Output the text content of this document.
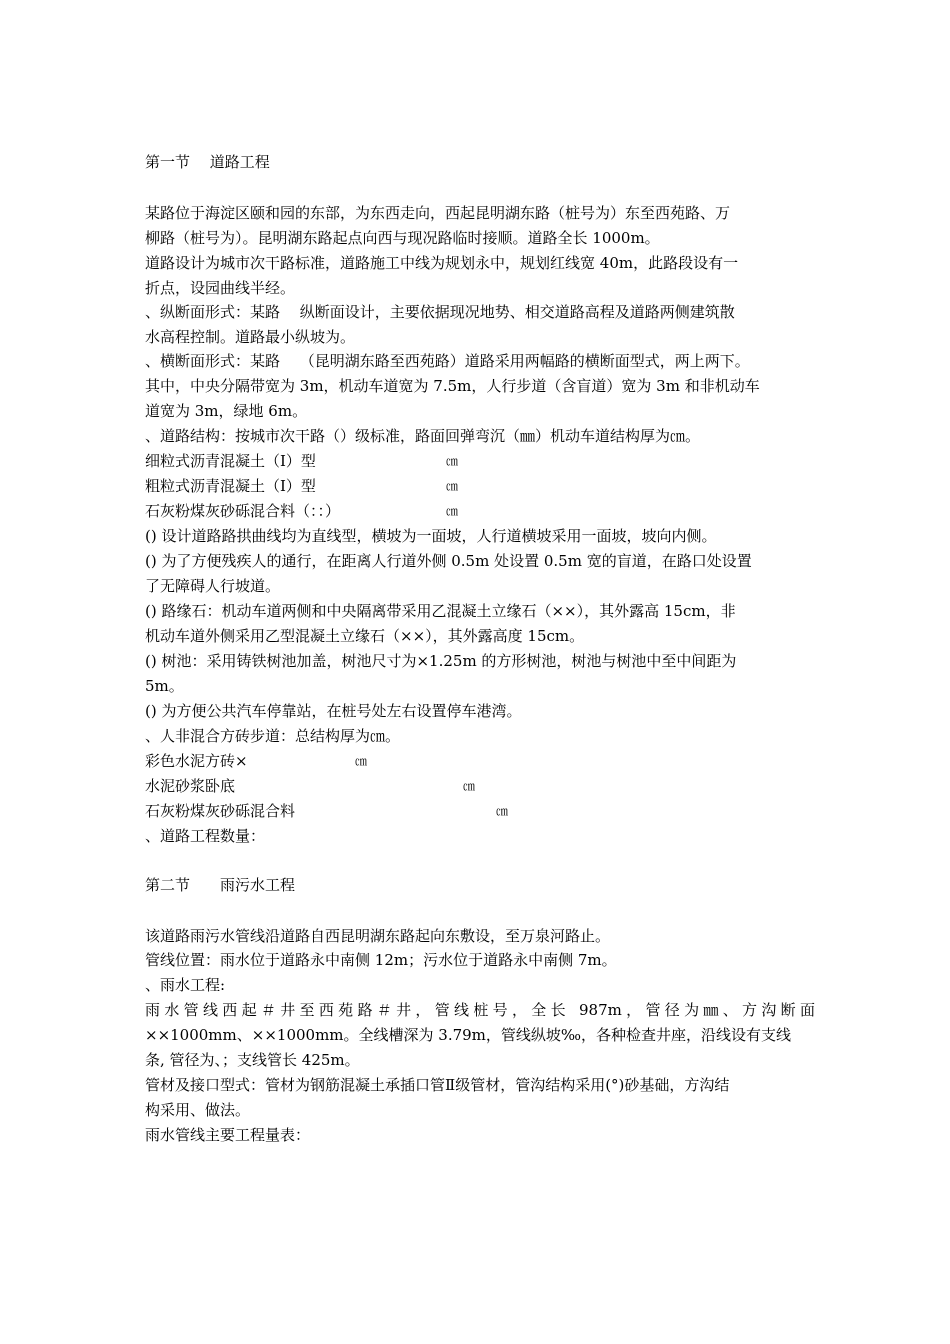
第一节　 道路工程
某路位于海淀区颐和园的东部，为东西走向，西起昆明湖东路（桩号为）东至西苑路、万
柳路（桩号为）。昆明湖东路起点向西与现况路临时接顺。道路全长 1000m。
道路设计为城市次干路标准，道路施工中线为规划永中，规划红线宽 40m，此路段设有一
折点，设园曲线半经。
、纵断面形式：某路　 纵断面设计，主要依据现况地势、相交道路高程及道路两侧建筑散
水高程控制。道路最小纵坡为。
、横断面形式：某路　 （昆明湖东路至西苑路）道路采用两幅路的横断面型式，两上两下。
其中，中央分隔带宽为 3m，机动车道宽为 7.5m，人行步道（含盲道）宽为 3m 和非机动车
道宽为 3m，绿地 6m。
、道路结构：按城市次干路（）级标准，路面回弹弯沉（㎜）机动车道结构厚为㎝。
细粒式沥青混凝土（Ⅰ）型	㎝
粗粒式沥青混凝土（Ⅰ）型	㎝
石灰粉煤灰砂砾混合料（：：）	㎝
() 设计道路路拱曲线均为直线型，横坡为一面坡，人行道横坡采用一面坡，坡向内侧。
() 为了方便残疾人的通行，在距离人行道外侧 0.5m 处设置 0.5m 宽的盲道，在路口处设置
了无障碍人行坡道。
() 路缘石：机动车道两侧和中央隔离带采用乙混凝土立缘石（××），其外露高 15cm，非
机动车道外侧采用乙型混凝土立缘石（××），其外露高度 15cm。
() 树池：采用铸铁树池加盖，树池尺寸为×1.25m 的方形树池，树池与树池中至中间距为
5m。
() 为方便公共汽车停靠站，在桩号处左右设置停车港湾。
、人非混合方砖步道：总结构厚为㎝。
彩色水泥方砖×	㎝
水泥砂浆卧底	㎝
石灰粉煤灰砂砾混合料	㎝
、道路工程数量：
第二节　　雨污水工程
该道路雨污水管线沿道路自西昆明湖东路起向东敷设，至万泉河路止。
管线位置：雨水位于道路永中南侧 12m；污水位于道路永中南侧 7m。
、雨水工程:
雨水管线西起＃井至西苑路＃井，管线桩号，全长 987m，管径为㎜、方沟断面
××1000mm、××1000mm。全线槽深为 3.79m，管线纵坡‰，各种检查井座，沿线设有支线
条, 管径为、；支线管长 425m。
管材及接口型式：管材为钢筋混凝土承插口管Ⅱ级管材，管沟结构采用(°)砂基础，方沟结
构采用、做法。
雨水管线主要工程量表：
